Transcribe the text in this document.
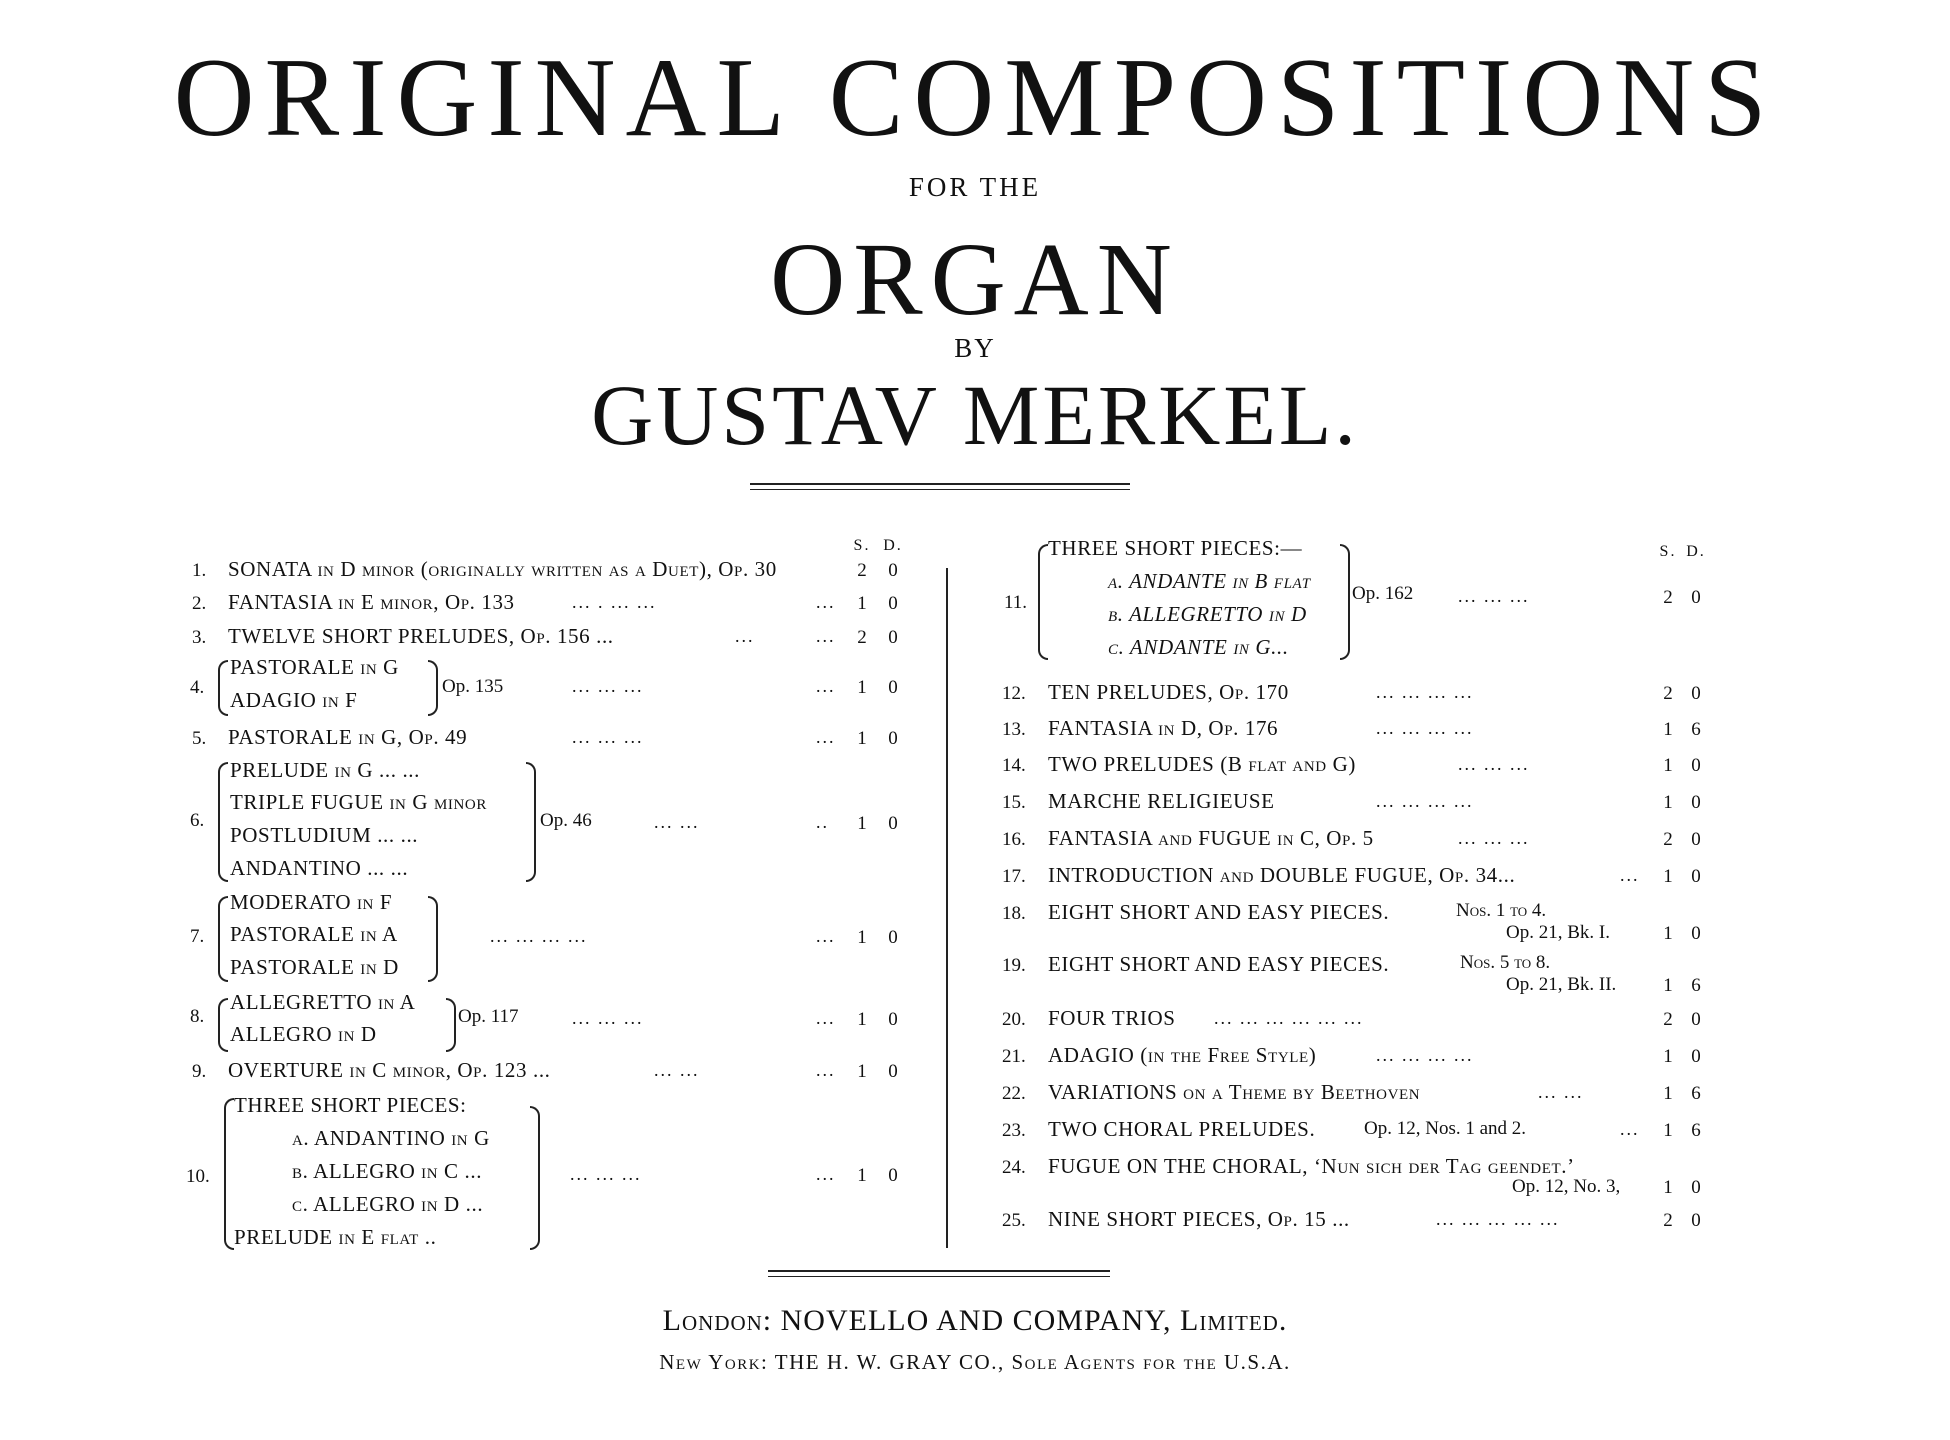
ORIGINAL COMPOSITIONS
FOR THE
ORGAN
BY
GUSTAV MERKEL.
S. D.	S. D.
1. SONATA in D minor (originally written as a Duet), Op. 30	2 0
2. FANTASIA in E minor, Op. 133	... . ... ...	... 1 0
3. TWELVE SHORT PRELUDES, Op. 156 ...	...	... 2 0
4.
PASTORALE in G
ADAGIO in F
Op. 135	... ... ...	... 1 0
5. PASTORALE in G, Op. 49	... ... ...	... 1 0
6.
PRELUDE in G ... ...
TRIPLE FUGUE in G minor
POSTLUDIUM ... ...
ANDANTINO ... ...
Op. 46	... ...	.. 1 0
7.
MODERATO in F
PASTORALE in A
PASTORALE in D
... ... ... ...	... 1 0
8.
ALLEGRETTO in A
ALLEGRO in D
Op. 117	... ... ...	... 1 0
9. OVERTURE in C minor, Op. 123 ...	... ...	... 1 0
10.
THREE SHORT PIECES:
a. ANDANTINO in G
b. ALLEGRO in C ...
c. ALLEGRO in D ...
PRELUDE in E flat ..
... ... ...	... 1 0
11.
THREE SHORT PIECES:—
a. ANDANTE in B flat
b. ALLEGRETTO in D
c. ANDANTE in G...
Op. 162 ... ... ...	2 0
12. TEN PRELUDES, Op. 170	... ... ... ...	2 0
13. FANTASIA in D, Op. 176	... ... ... ...	1 6
14. TWO PRELUDES (B flat and G)	... ... ...	1 0
15. MARCHE RELIGIEUSE	... ... ... ...	1 0
16. FANTASIA and FUGUE in C, Op. 5	... ... ...	2 0
17. INTRODUCTION and DOUBLE FUGUE, Op. 34...	... 1 0
18. EIGHT SHORT AND EASY PIECES.	Nos. 1 to 4.
Op. 21, Bk. I.	1 0
19. EIGHT SHORT AND EASY PIECES.	Nos. 5 to 8.
Op. 21, Bk. II. 1 6
20. FOUR TRIOS ... ... ... ... ... ...	2 0
21. ADAGIO (in the Free Style)	... ... ... ...	1 0
22. VARIATIONS on a Theme by Beethoven	... ...	1 6
23. TWO CHORAL PRELUDES.	Op. 12, Nos. 1 and 2.	... 1 6
24. FUGUE ON THE CHORAL, ‘Nun sich der Tag geendet.’
Op. 12, No. 3, 1 0
25. NINE SHORT PIECES, Op. 15 ...	... ... ... ... ...	2 0
London: NOVELLO AND COMPANY, Limited.
New York: THE H. W. GRAY CO., Sole Agents for the U.S.A.
